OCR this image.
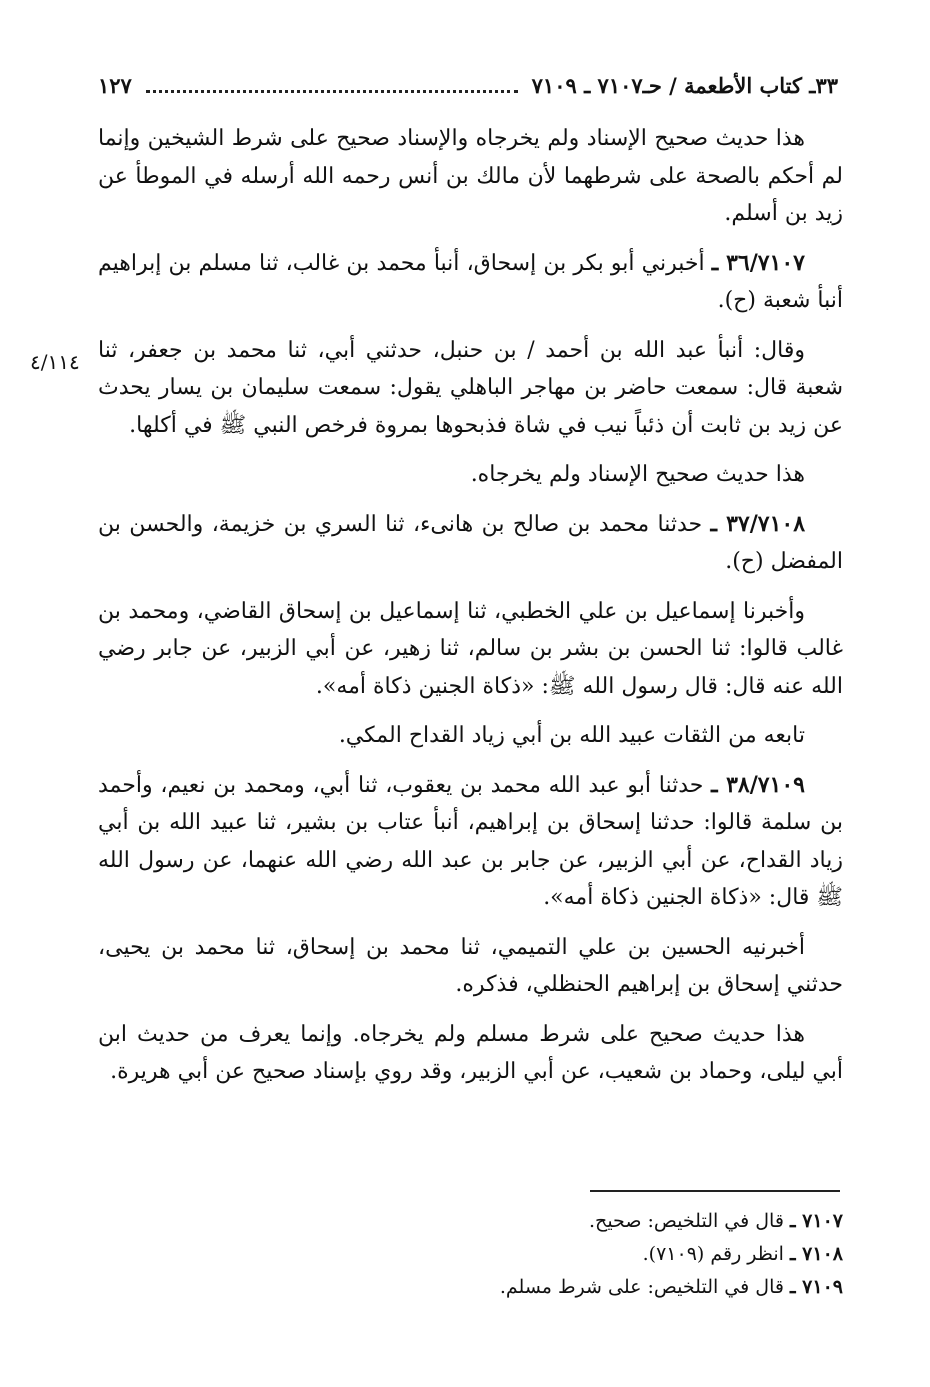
٣٣ـ كتاب الأطعمة / حـ٧١٠٧ ـ ٧١٠٩
١٢٧
٤/١١٤

هذا حديث صحيح الإسناد ولم يخرجاه والإسناد صحيح على شرط الشيخين وإنما لم أحكم بالصحة على شرطهما لأن مالك بن أنس رحمه الله أرسله في الموطأ عن زيد بن أسلم.

٣٦/٧١٠٧ ـ أخبرني أبو بكر بن إسحاق، أنبأ محمد بن غالب، ثنا مسلم بن إبراهيم أنبأ شعبة (ح).

وقال: أنبأ عبد الله بن أحمد / بن حنبل، حدثني أبي، ثنا محمد بن جعفر، ثنا شعبة قال: سمعت حاضر بن مهاجر الباهلي يقول: سمعت سليمان بن يسار يحدث عن زيد بن ثابت أن ذئباً نيب في شاة فذبحوها بمروة فرخص النبي ﷺ في أكلها.

هذا حديث صحيح الإسناد ولم يخرجاه.

٣٧/٧١٠٨ ـ حدثنا محمد بن صالح بن هانىء، ثنا السري بن خزيمة، والحسن بن المفضل (ح).

وأخبرنا إسماعيل بن علي الخطبي، ثنا إسماعيل بن إسحاق القاضي، ومحمد بن غالب قالوا: ثنا الحسن بن بشر بن سالم، ثنا زهير، عن أبي الزبير، عن جابر رضي الله عنه قال: قال رسول الله ﷺ: «ذكاة الجنين ذكاة أمه».

تابعه من الثقات عبيد الله بن أبي زياد القداح المكي.

٣٨/٧١٠٩ ـ حدثنا أبو عبد الله محمد بن يعقوب، ثنا أبي، ومحمد بن نعيم، وأحمد بن سلمة قالوا: حدثنا إسحاق بن إبراهيم، أنبأ عتاب بن بشير، ثنا عبيد الله بن أبي زياد القداح، عن أبي الزبير، عن جابر بن عبد الله رضي الله عنهما، عن رسول الله ﷺ قال: «ذكاة الجنين ذكاة أمه».

أخبرنيه الحسين بن علي التميمي، ثنا محمد بن إسحاق، ثنا محمد بن يحيى، حدثني إسحاق بن إبراهيم الحنظلي، فذكره.

هذا حديث صحيح على شرط مسلم ولم يخرجاه. وإنما يعرف من حديث ابن أبي ليلى، وحماد بن شعيب، عن أبي الزبير، وقد روي بإسناد صحيح عن أبي هريرة.

٧١٠٧ ـ قال في التلخيص: صحيح.
٧١٠٨ ـ انظر رقم (٧١٠٩).
٧١٠٩ ـ قال في التلخيص: على شرط مسلم.
